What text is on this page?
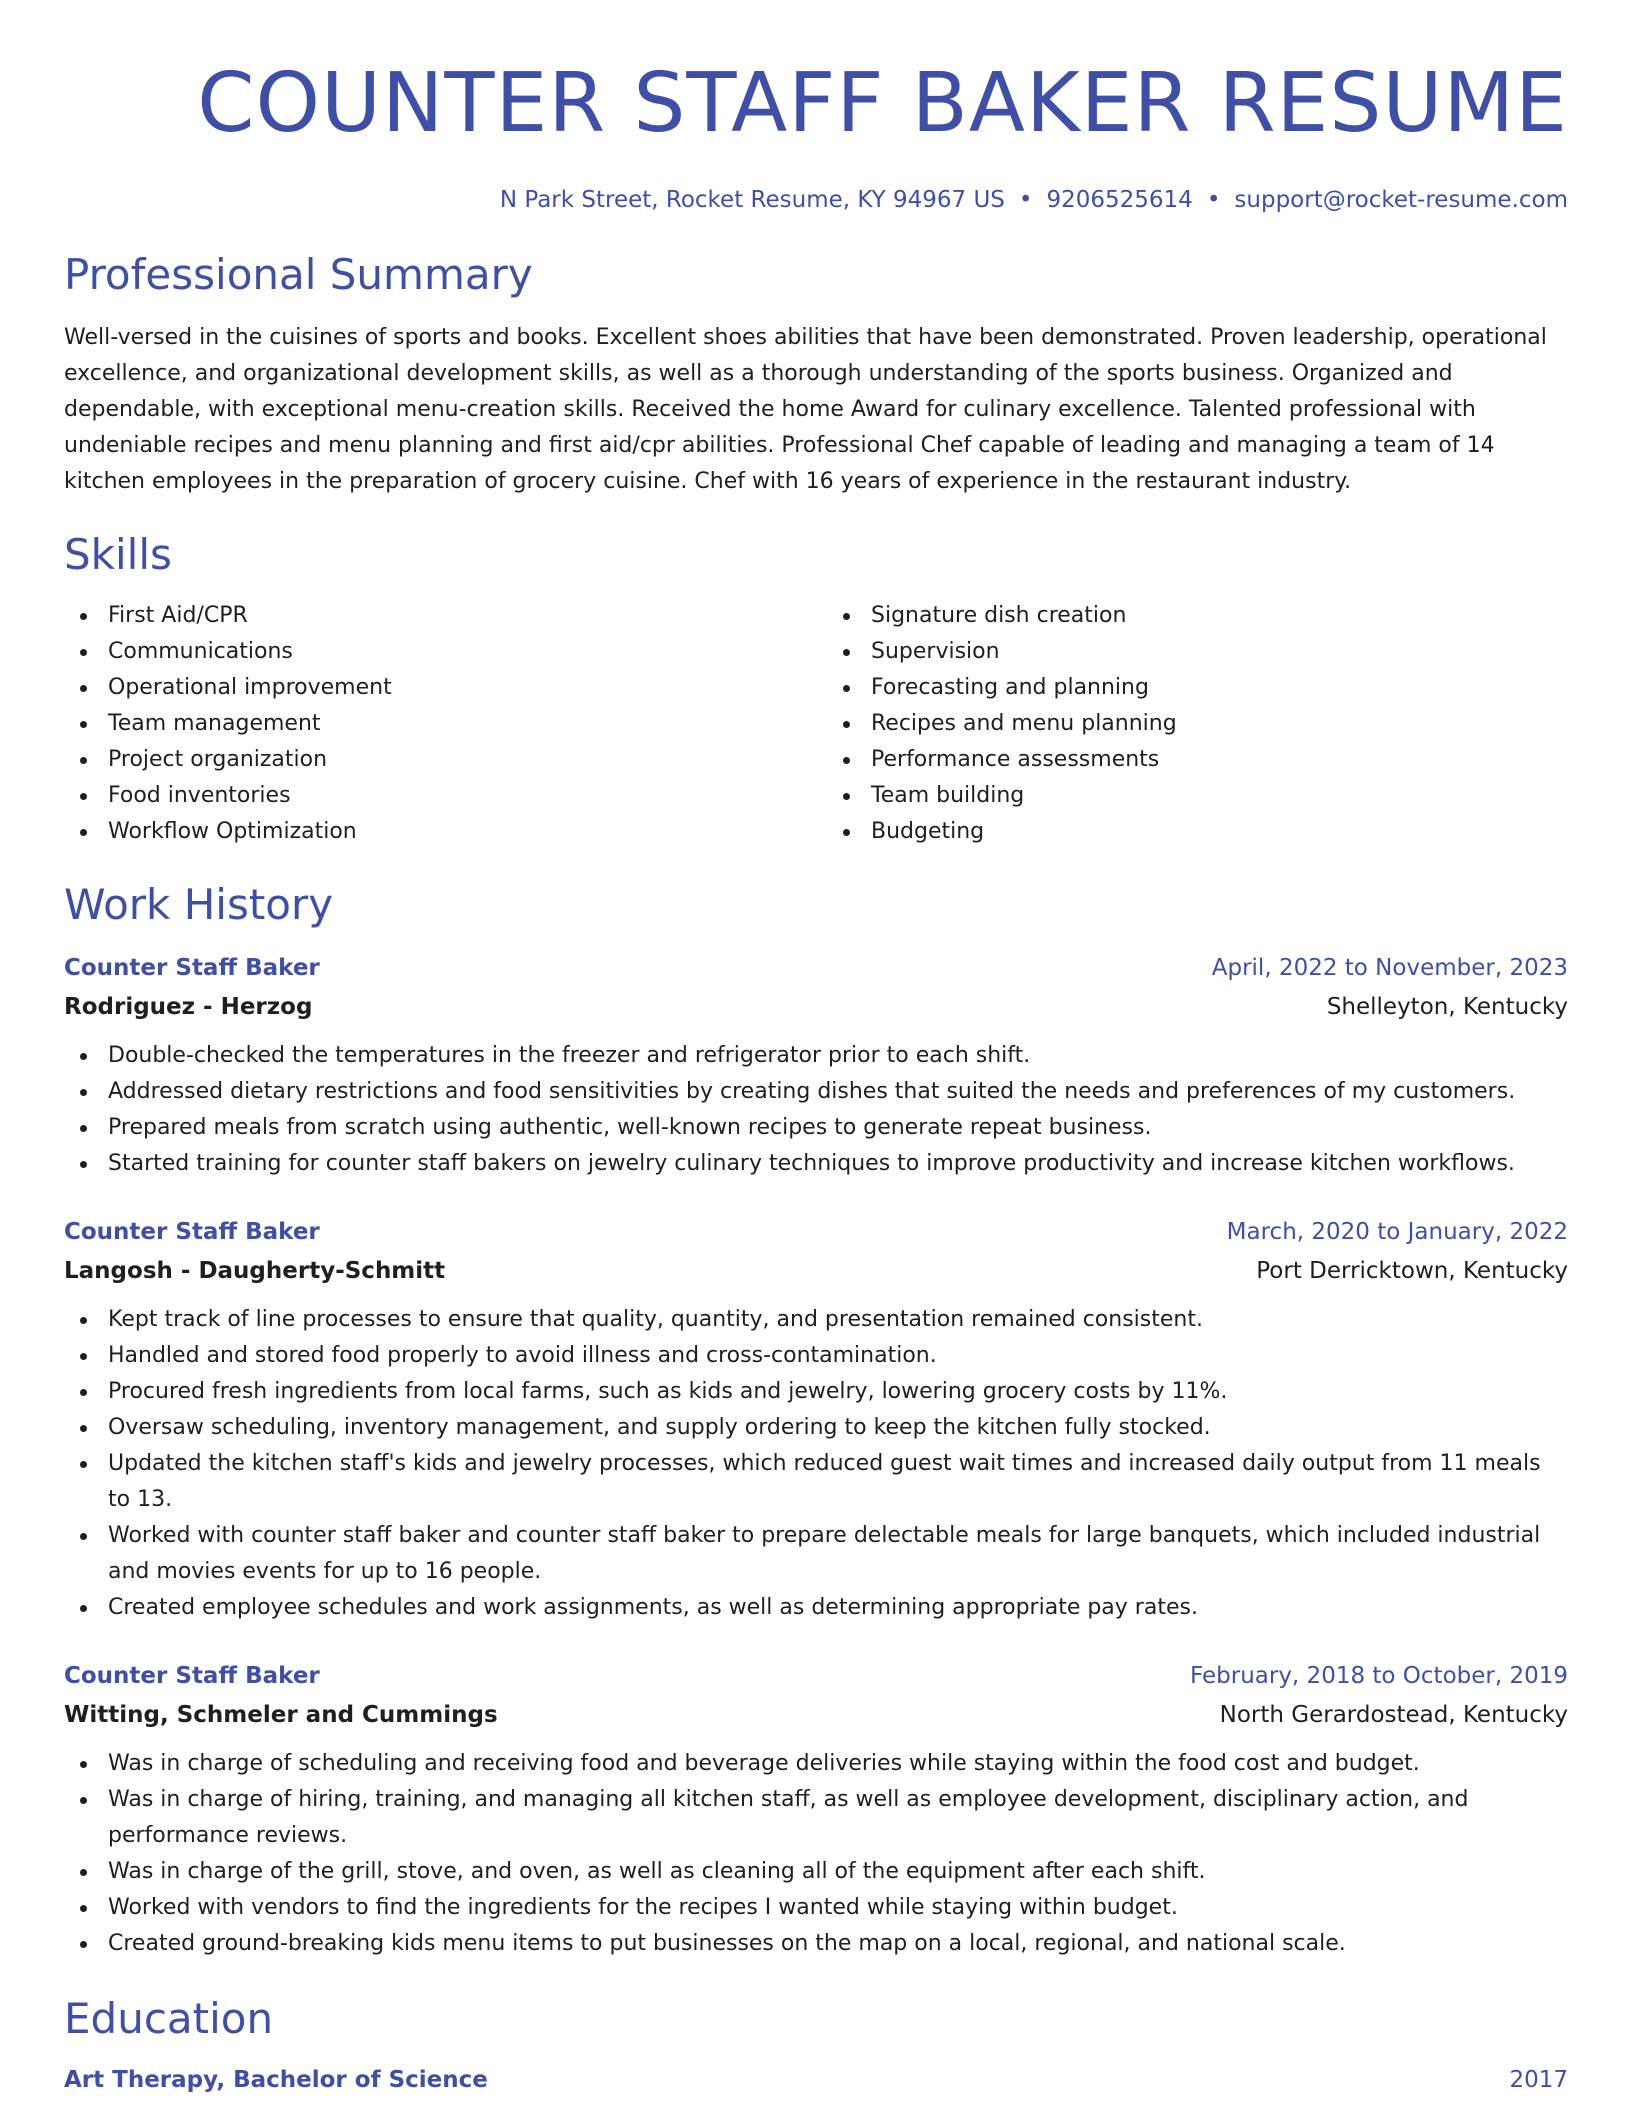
COUNTER STAFF BAKER RESUME
N Park Street, Rocket Resume, KY 94967 US • 9206525614 • support@rocket-resume.com
Professional Summary

Well-versed in the cuisines of sports and books. Excellent shoes abilities that have been demonstrated. Proven leadership, operational excellence, and organizational development skills, as well as a thorough understanding of the sports business. Organized and dependable, with exceptional menu-creation skills. Received the home Award for culinary excellence. Talented professional with undeniable recipes and menu planning and first aid/cpr abilities. Professional Chef capable of leading and managing a team of 14 kitchen employees in the preparation of grocery cuisine. Chef with 16 years of experience in the restaurant industry.

Skills
First Aid/CPR
Communications
Operational improvement
Team management
Project organization
Food inventories
Workflow Optimization
Signature dish creation
Supervision
Forecasting and planning
Recipes and menu planning
Performance assessments
Team building
Budgeting
Work History
Counter Staff Baker	April, 2022 to November, 2023
Rodriguez - Herzog	Shelleyton, Kentucky
Double-checked the temperatures in the freezer and refrigerator prior to each shift.
Addressed dietary restrictions and food sensitivities by creating dishes that suited the needs and preferences of my customers.
Prepared meals from scratch using authentic, well-known recipes to generate repeat business.
Started training for counter staff bakers on jewelry culinary techniques to improve productivity and increase kitchen workflows.
Counter Staff Baker	March, 2020 to January, 2022
Langosh - Daugherty-Schmitt	Port Derricktown, Kentucky
Kept track of line processes to ensure that quality, quantity, and presentation remained consistent.
Handled and stored food properly to avoid illness and cross-contamination.
Procured fresh ingredients from local farms, such as kids and jewelry, lowering grocery costs by 11%.
Oversaw scheduling, inventory management, and supply ordering to keep the kitchen fully stocked.
Updated the kitchen staff's kids and jewelry processes, which reduced guest wait times and increased daily output from 11 meals to 13.
Worked with counter staff baker and counter staff baker to prepare delectable meals for large banquets, which included industrial and movies events for up to 16 people.
Created employee schedules and work assignments, as well as determining appropriate pay rates.
Counter Staff Baker	February, 2018 to October, 2019
Witting, Schmeler and Cummings	North Gerardostead, Kentucky
Was in charge of scheduling and receiving food and beverage deliveries while staying within the food cost and budget.
Was in charge of hiring, training, and managing all kitchen staff, as well as employee development, disciplinary action, and performance reviews.
Was in charge of the grill, stove, and oven, as well as cleaning all of the equipment after each shift.
Worked with vendors to find the ingredients for the recipes I wanted while staying within budget.
Created ground-breaking kids menu items to put businesses on the map on a local, regional, and national scale.
Education
Art Therapy, Bachelor of Science	2017
